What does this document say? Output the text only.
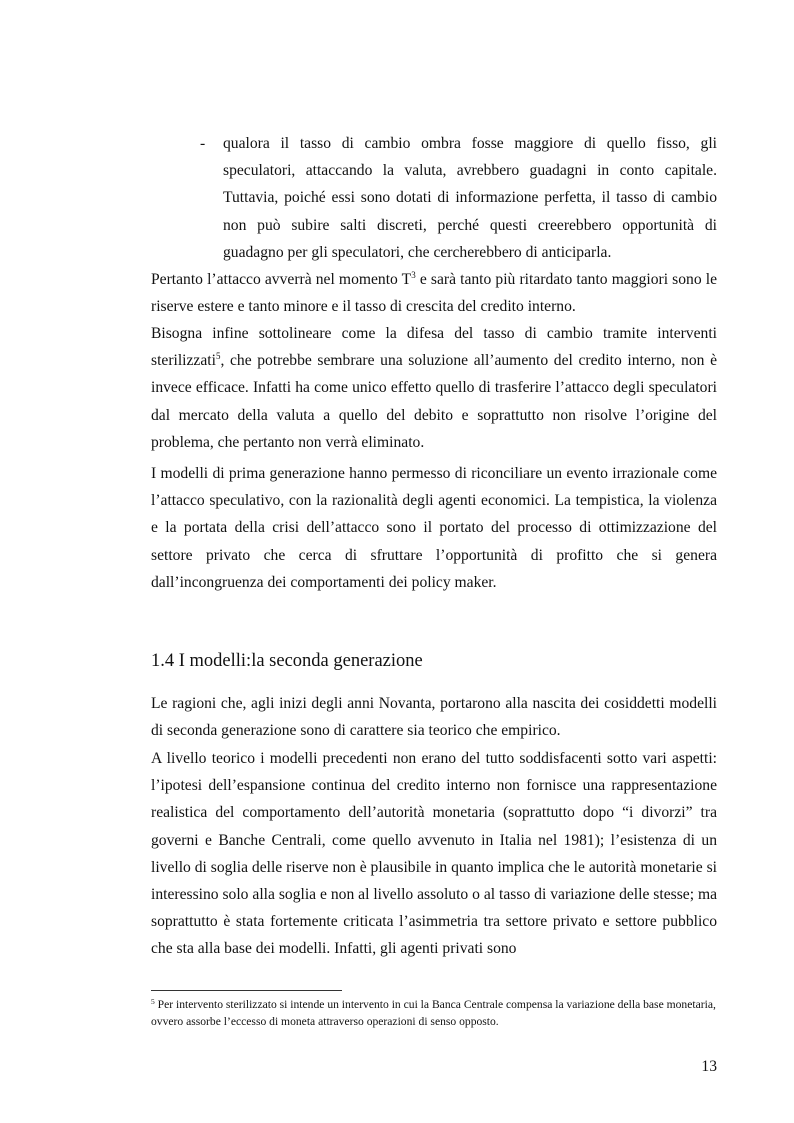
- qualora il tasso di cambio ombra fosse maggiore di quello fisso, gli speculatori, attaccando la valuta, avrebbero guadagni in conto capitale. Tuttavia, poiché essi sono dotati di informazione perfetta, il tasso di cambio non può subire salti discreti, perché questi creerebbero opportunità di guadagno per gli speculatori, che cercherebbero di anticiparla.

Pertanto l’attacco avverrà nel momento $T^3$ e sarà tanto più ritardato tanto maggiori sono le riserve estere e tanto minore e il tasso di crescita del credito interno.

Bisogna infine sottolineare come la difesa del tasso di cambio tramite interventi sterilizzati$^5$, che potrebbe sembrare una soluzione all’aumento del credito interno, non è invece efficace. Infatti ha come unico effetto quello di trasferire l’attacco degli speculatori dal mercato della valuta a quello del debito e soprattutto non risolve l’origine del problema, che pertanto non verrà eliminato.

I modelli di prima generazione hanno permesso di riconciliare un evento irrazionale come l’attacco speculativo, con la razionalità degli agenti economici. La tempistica, la violenza e la portata della crisi dell’attacco sono il portato del processo di ottimizzazione del settore privato che cerca di sfruttare l’opportunità di profitto che si genera dall’incongruenza dei comportamenti dei policy maker.

1.4 I modelli:la seconda generazione

Le ragioni che, agli inizi degli anni Novanta, portarono alla nascita dei cosiddetti modelli di seconda generazione sono di carattere sia teorico che empirico.

A livello teorico i modelli precedenti non erano del tutto soddisfacenti sotto vari aspetti: l’ipotesi dell’espansione continua del credito interno non fornisce una rappresentazione realistica del comportamento dell’autorità monetaria (soprattutto dopo “i divorzi” tra governi e Banche Centrali, come quello avvenuto in Italia nel 1981); l’esistenza di un livello di soglia delle riserve non è plausibile in quanto implica che le autorità monetarie si interessino solo alla soglia e non al livello assoluto o al tasso di variazione delle stesse; ma soprattutto è stata fortemente criticata l’asimmetria tra settore privato e settore pubblico che sta alla base dei modelli. Infatti, gli agenti privati sono

$^5$ Per intervento sterilizzato si intende un intervento in cui la Banca Centrale compensa la variazione della base monetaria, ovvero assorbe l’eccesso di moneta attraverso operazioni di senso opposto.

13
